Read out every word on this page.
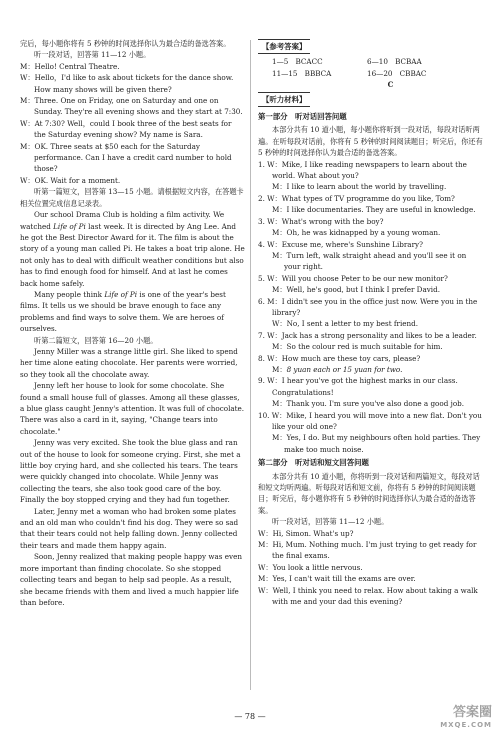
完后，每小题你将有 5 秒钟的时间选择你认为最合适的备选答案。

听一段对话，回答第 11—12 小题。

M：Hello! Central Theatre.

W：Hello，I'd like to ask about tickets for the dance show. How many shows will be given there?

M：Three. One on Friday, one on Saturday and one on Sunday. They're all evening shows and they start at 7:30.

W：At 7:30? Well，could I book three of the best seats for the Saturday evening show? My name is Sara.

M：OK. Three seats at $50 each for the Saturday performance. Can I have a credit card number to hold those?

W：OK. Wait for a moment.

听第一篇短文，回答第 13—15 小题。请根据短文内容，在答题卡相关位置完成信息记录表。

Our school Drama Club is holding a film activity. We watched Life of Pi last week. It is directed by Ang Lee. And he got the Best Director Award for it. The film is about the story of a young man called Pi. He takes a boat trip alone. He not only has to deal with difficult weather conditions but also has to find enough food for himself. And at last he comes back home safely.

Many people think Life of Pi is one of the year's best films. It tells us we should be brave enough to face any problems and find ways to solve them. We are heroes of ourselves.

听第二篇短文，回答第 16—20 小题。

Jenny Miller was a strange little girl. She liked to spend her time alone eating chocolate. Her parents were worried, so they took all the chocolate away.

Jenny left her house to look for some chocolate. She found a small house full of glasses. Among all these glasses, a blue glass caught Jenny's attention. It was full of chocolate. There was also a card in it, saying, "Change tears into chocolate."

Jenny was very excited. She took the blue glass and ran out of the house to look for someone crying. First, she met a little boy crying hard, and she collected his tears. The tears were quickly changed into chocolate. While Jenny was collecting the tears, she also took good care of the boy. Finally the boy stopped crying and they had fun together.

Later, Jenny met a woman who had broken some plates and an old man who couldn't find his dog. They were so sad that their tears could not help falling down. Jenny collected their tears and made them happy again.

Soon, Jenny realized that making people happy was even more important than finding chocolate. So she stopped collecting tears and began to help sad people. As a result, she became friends with them and lived a much happier life than before.

【参考答案】
1—5　BCACC	6—10　BCBAA
11—15　BBBCA	16—20　CBBAC

C

【听力材料】

第一部分　听对话回答问题

本部分共有 10 道小题，每小题你将听到一段对话，每段对话听两遍。在听每段对话前，你将有 5 秒钟的时间阅读题目；听完后，你还有 5 秒钟的时间选择你认为最合适的备选答案。

1. W：Mike, I like reading newspapers to learn about the world. What about you?

M：I like to learn about the world by travelling.

2. W：What types of TV programme do you like, Tom?

M：I like documentaries. They are useful in knowledge.

3. W：What's wrong with the boy?

M：Oh, he was kidnapped by a young woman.

4. W：Excuse me, where's Sunshine Library?

M：Turn left, walk straight ahead and you'll see it on your right.

5. W：Will you choose Peter to be our new monitor?

M：Well, he's good, but I think I prefer David.

6. M：I didn't see you in the office just now. Were you in the library?

W：No, I sent a letter to my best friend.

7. W：Jack has a strong personality and likes to be a leader.

M：So the colour red is much suitable for him.

8. W：How much are these toy cars, please?

M：8 yuan each or 15 yuan for two.

9. W：I hear you've got the highest marks in our class. Congratulations!

M：Thank you. I'm sure you've also done a good job.

10. W：Mike, I heard you will move into a new flat. Don't you like your old one?

M：Yes, I do. But my neighbours often hold parties. They make too much noise.

第二部分　听对话和短文回答问题

本部分共有 10 道小题，你将听到一段对话和两篇短文，每段对话和短文均听两遍。听每段对话和短文前，你将有 5 秒钟的时间阅读题目；听完后，每小题你将有 5 秒钟的时间选择你认为最合适的备选答案。

听一段对话，回答第 11—12 小题。

W：Hi, Simon. What's up?

M：Hi, Mum. Nothing much. I'm just trying to get ready for the final exams.

W：You look a little nervous.

M：Yes, I can't wait till the exams are over.

W：Well, I think you need to relax. How about taking a walk with me and your dad this evening?

— 78 —	答案圈
MXQE.COM
